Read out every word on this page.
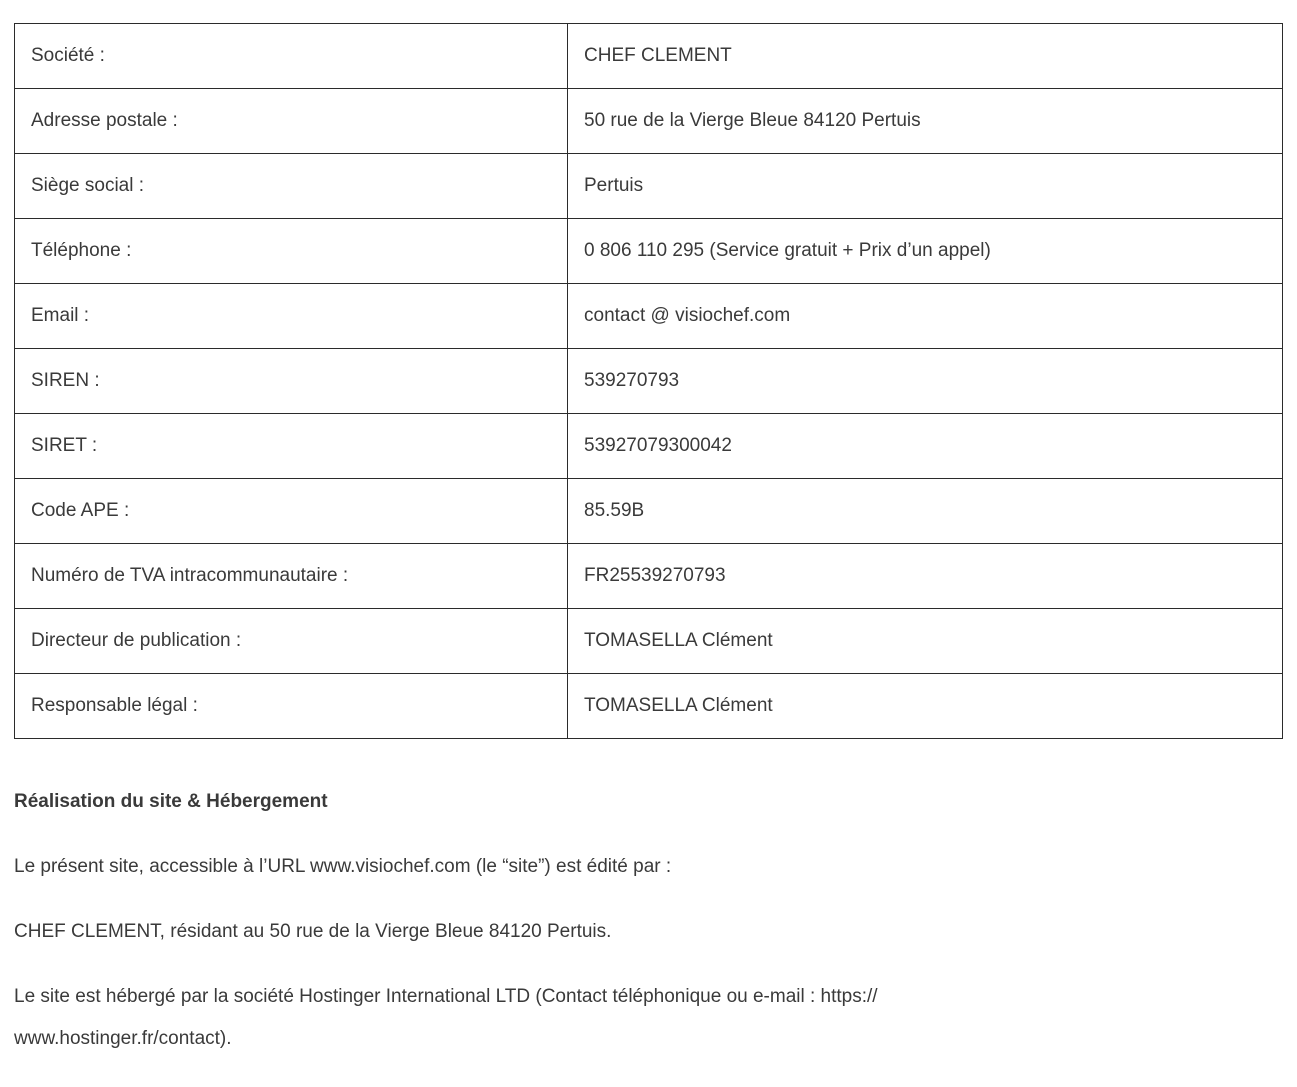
Société :	CHEF CLEMENT
Adresse postale :	50 rue de la Vierge Bleue 84120 Pertuis
Siège social :	Pertuis
Téléphone :	0 806 110 295 (Service gratuit + Prix d’un appel)
Email :	contact @ visiochef.com
SIREN :	539270793
SIRET :	53927079300042
Code APE :	85.59B
Numéro de TVA intracommunautaire :	FR25539270793
Directeur de publication :	TOMASELLA Clément
Responsable légal :	TOMASELLA Clément
Réalisation du site & Hébergement

Le présent site, accessible à l’URL www.visiochef.com (le “site”) est édité par :

CHEF CLEMENT, résidant au 50 rue de la Vierge Bleue 84120 Pertuis.

Le site est hébergé par la société Hostinger International LTD (Contact téléphonique ou e-mail : https://
www.hostinger.fr/contact).
